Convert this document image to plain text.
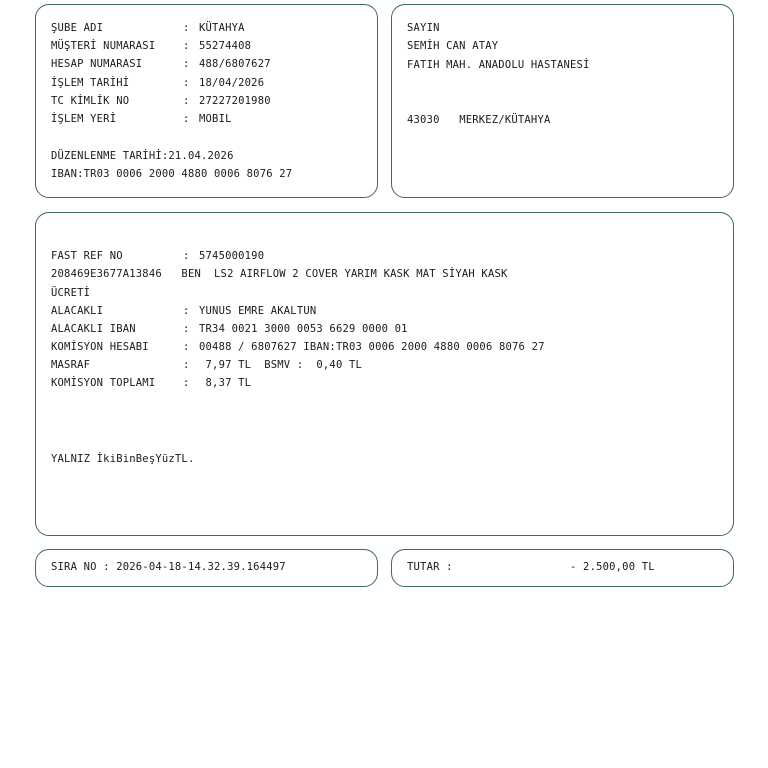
ŞUBE ADI	: KÜTAHYA
MÜŞTERİ NUMARASI	: 55274408
HESAP NUMARASI	: 488/6807627
İŞLEM TARİHİ	: 18/04/2026
TC KİMLİK NO	: 27227201980
İŞLEM YERİ	: MOBIL
DÜZENLENME TARİHİ:21.04.2026
IBAN:TR03 0006 2000 4880 0006 8076 27
SAYIN
SEMİH CAN ATAY
FATIH MAH. ANADOLU HASTANESİ
43030 MERKEZ/KÜTAHYA
FAST REF NO	: 5745000190
208469E3677A13846   BEN  LS2 AIRFLOW 2 COVER YARIM KASK MAT SİYAH KASK
ÜCRETİ
ALACAKLI	: YUNUS EMRE AKALTUN
ALACAKLI IBAN	: TR34 0021 3000 0053 6629 0000 01
KOMİSYON HESABI	: 00488 / 6807627 IBAN:TR03 0006 2000 4880 0006 8076 27
MASRAF	: 7,97 TL  BSMV :  0,40 TL
KOMİSYON TOPLAMI	: 8,37 TL
YALNIZ İkiBinBeşYüzTL.
SIRA NO : 2026-04-18-14.32.39.164497	TUTAR :	- 2.500,00 TL
